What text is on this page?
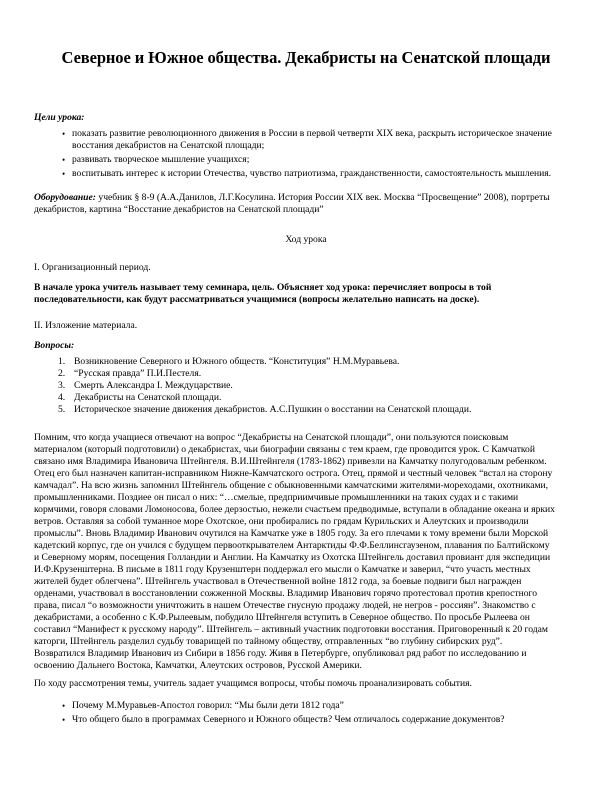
Северное и Южное общества. Декабристы на Сенатской площади
Цели урока:
• показать развитие революционного движения в России в первой четверти XIX века, раскрыть историческое значение
восстания декабристов на Сенатской площади;
• развивать творческое мышление учащихся;
• воспитывать интерес к истории Отечества, чувство патриотизма, гражданственности, самостоятельность мышления.
Оборудование: учебник § 8-9 (А.А.Данилов, Л.Г.Косулина. История России XIX век. Москва “Просвещение” 2008), портреты
декабристов, картина “Восстание декабристов на Сенатской площади”
Ход урока
I. Организационный период.
В начале урока учитель называет тему семинара, цель. Объясняет ход урока: перечисляет вопросы в той
последовательности, как будут рассматриваться учащимися (вопросы желательно написать на доске).
II. Изложение материала.
Вопросы:
1. Возникновение Северного и Южного обществ. “Конституция” Н.М.Муравьева.
2. “Русская правда” П.И.Пестеля.
3. Смерть Александра I. Междуцарствие.
4. Декабристы на Сенатской площади.
5. Историческое значение движения декабристов. А.С.Пушкин о восстании на Сенатской площади.
Помним, что когда учащиеся отвечают на вопрос “Декабристы на Сенатской площади”, они пользуются поисковым
материалом (который подготовили) о декабристах, чьи биографии связаны с тем краем, где проводится урок. С Камчаткой
связано имя Владимира Ивановича Штейнгеля. В.И.Штейнгеля (1783-1862) привезли на Камчатку полугодовалым ребенком.
Отец его был назначен капитан-исправником Нижне-Камчатского острога. Отец, прямой и честный человек “встал на сторону
камчадал”. На всю жизнь запомнил Штейнгель общение с обыкновенными камчатскими жителями-мореходами, охотниками,
промышленниками. Поздиее он писал о них: “…смелые, предприимчивые промышленники на таких судах и с такими
кормчими, говоря словами Ломоносова, более дерзостью, нежели счастьем предводимые, вступали в обладание океана и ярких
ветров. Оставляя за собой туманное море Охотское, они пробирались по грядам Курильских и Алеутских и производили
промыслы”. Вновь Владимир Иванович очутился на Камчатке уже в 1805 году. За его плечами к тому времени были Морской
кадетский корпус, где он учился с будущем первооткрывателем Антарктиды Ф.Ф.Беллинсгаузеном, плавания по Балтийскому
и Северному морям, посещения Голландии и Англии. На Камчатку из Охотска Штейнгель доставил провиант для экспедиции
И.Ф.Крузенштерна. В письме в 1811 году Крузенштерн поддержал его мысли о Камчатке и заверил, “что участь местных
жителей будет облегчена”. Штейнгель участвовал в Отечественной войне 1812 года, за боевые подвиги был награжден
орденами, участвовал в восстановлении сожженной Москвы. Владимир Иванович горячо протестовал против крепостного
права, писал “о возможности уничтожить в нашем Отечестве гнусную продажу людей, не негров - россиян”. Знакомство с
декабристами, а особенно с К.Ф.Рылеевым, побудило Штейнгеля вступить в Северное общество. По просьбе Рылеева он
составил “Манифест к русскому народу”. Штейнгель – активный участник подготовки восстания. Приговоренный к 20 годам
каторги, Штейнгель разделил судьбу товарищей по тайному обществу, отправленных “во глубину сибирских руд”.
Возвратился Владимир Иванович из Сибири в 1856 году. Живя в Петербурге, опубликовал ряд работ по исследованию и
освоению Дальнего Востока, Камчатки, Алеутских островов, Русской Америки.
По ходу рассмотрения темы, учитель задает учащимся вопросы, чтобы помочь проанализировать события.
• Почему М.Муравьев-Апостол говорил: “Мы были дети 1812 года”
• Что общего было в программах Северного и Южного обществ? Чем отличалось содержание документов?
